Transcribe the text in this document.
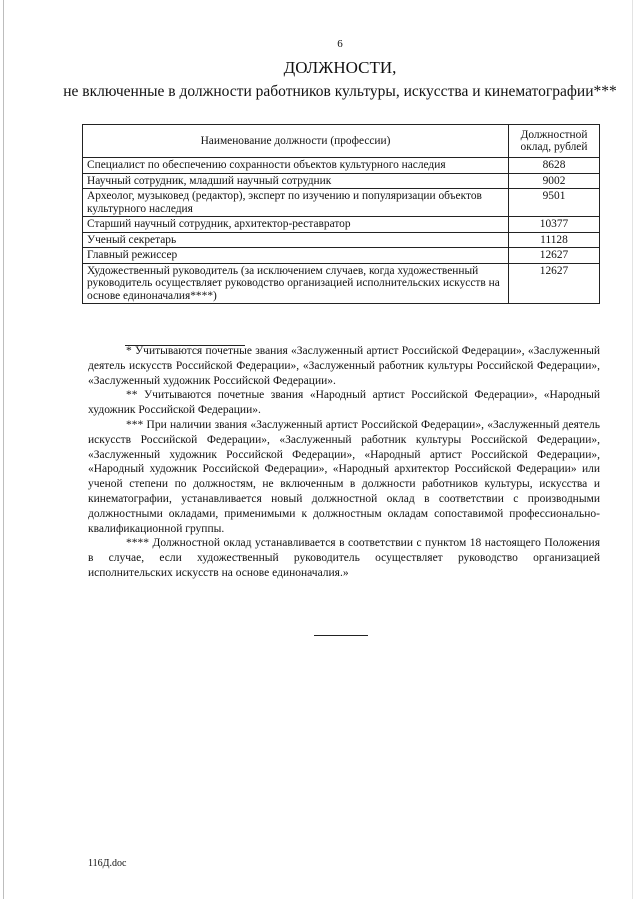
6
ДОЛЖНОСТИ,
не включенные в должности работников культуры, искусства и кинематографии***
Наименование должности (профессии)	Должностной оклад, рублей
Специалист по обеспечению сохранности объектов культурного наследия	8628
Научный сотрудник, младший научный сотрудник	9002
Археолог, музыковед (редактор), эксперт по изучению и популяризации объектов культурного наследия	9501
Старший научный сотрудник, архитектор-реставратор	10377
Ученый секретарь	11128
Главный режиссер	12627
Художественный руководитель (за исключением случаев, когда художественный руководитель осуществляет руководство организацией исполнительских искусств на основе единоначалия****)	12627

* Учитываются почетные звания «Заслуженный артист Российской Федерации», «Заслуженный деятель искусств Российской Федерации», «Заслуженный работник культуры Российской Федерации», «Заслуженный художник Российской Федерации».

** Учитываются почетные звания «Народный артист Российской Федерации», «Народный художник Российской Федерации».

*** При наличии звания «Заслуженный артист Российской Федерации», «Заслуженный деятель искусств Российской Федерации», «Заслуженный работник культуры Российской Федерации», «Заслуженный художник Российской Федерации», «Народный артист Российской Федерации», «Народный художник Российской Федерации», «Народный архитектор Российской Федерации» или ученой степени по должностям, не включенным в должности работников культуры, искусства и кинематографии, устанавливается новый должностной оклад в соответствии с производными должностными окладами, применимыми к должностным окладам сопоставимой профессионально-квалификационной группы.

**** Должностной оклад устанавливается в соответствии с пунктом 18 настоящего Положения в случае, если художественный руководитель осуществляет руководство организацией исполнительских искусств на основе единоначалия.»

116Д.doc
